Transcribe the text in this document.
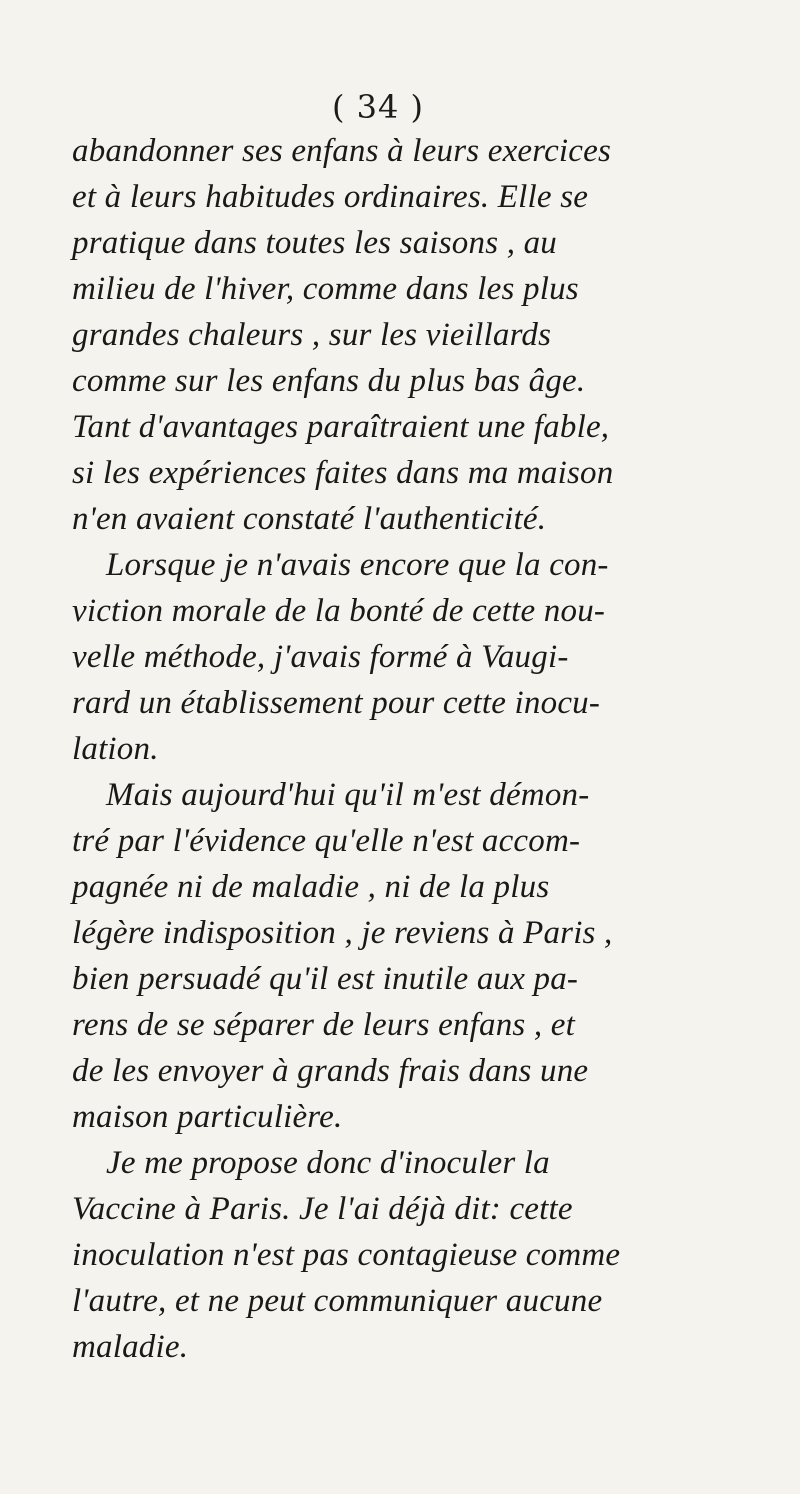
( 34 )
abandonner ses enfans à leurs exercices
et à leurs habitudes ordinaires. Elle se
pratique dans toutes les saisons , au
milieu de l'hiver, comme dans les plus
grandes chaleurs , sur les vieillards
comme sur les enfans du plus bas âge.
Tant d'avantages paraîtraient une fable,
si les expériences faites dans ma maison
n'en avaient constaté l'authenticité.
Lorsque je n'avais encore que la con-
viction morale de la bonté de cette nou-
velle méthode, j'avais formé à Vaugi-
rard un établissement pour cette inocu-
lation.
Mais aujourd'hui qu'il m'est démon-
tré par l'évidence qu'elle n'est accom-
pagnée ni de maladie , ni de la plus
légère indisposition , je reviens à Paris ,
bien persuadé qu'il est inutile aux pa-
rens de se séparer de leurs enfans , et
de les envoyer à grands frais dans une
maison particulière.
Je me propose donc d'inoculer la
Vaccine à Paris. Je l'ai déjà dit: cette
inoculation n'est pas contagieuse comme
l'autre, et ne peut communiquer aucune
maladie.
